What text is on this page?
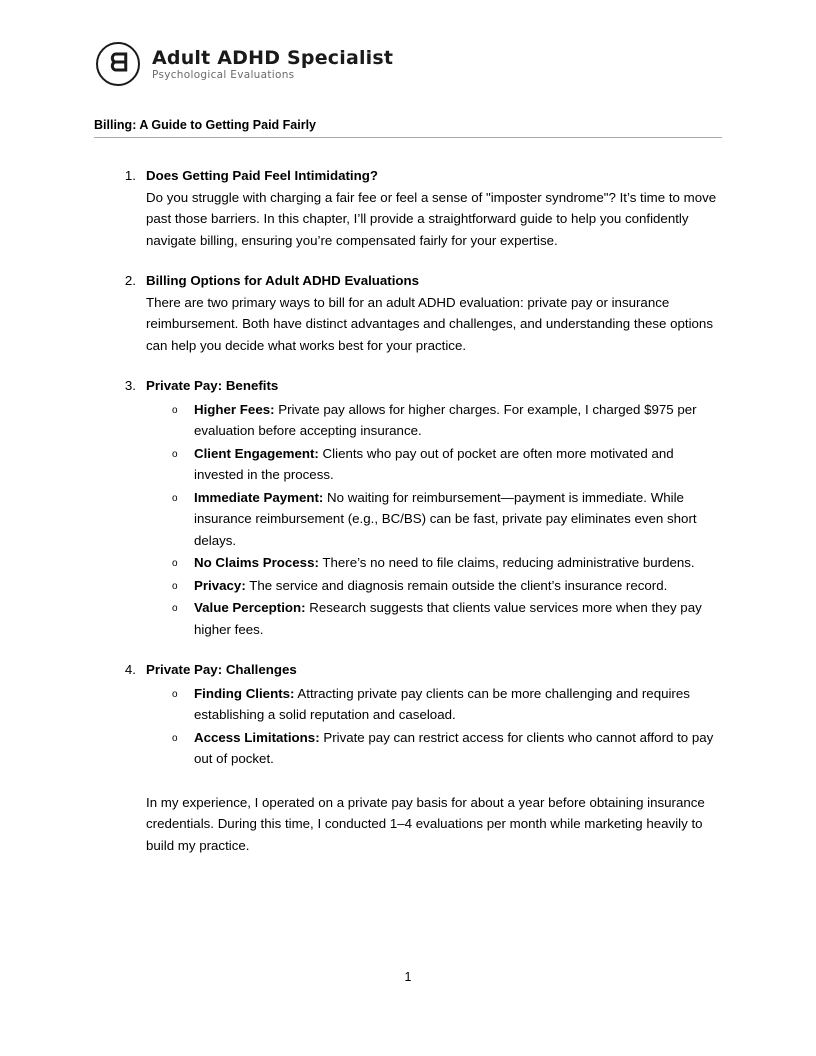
ᗺ	Adult ADHD Specialist
Psychological Evaluations
Billing: A Guide to Getting Paid Fairly
1. Does Getting Paid Feel Intimidating?
Do you struggle with charging a fair fee or feel a sense of "imposter syndrome"? It’s time to move past those barriers. In this chapter, I’ll provide a straightforward guide to help you confidently navigate billing, ensuring you’re compensated fairly for your expertise.
2. Billing Options for Adult ADHD Evaluations
There are two primary ways to bill for an adult ADHD evaluation: private pay or insurance reimbursement. Both have distinct advantages and challenges, and understanding these options can help you decide what works best for your practice.
3. Private Pay: Benefits
o Higher Fees: Private pay allows for higher charges. For example, I charged $975 per evaluation before accepting insurance.
o Client Engagement: Clients who pay out of pocket are often more motivated and invested in the process.
o Immediate Payment: No waiting for reimbursement—payment is immediate. While insurance reimbursement (e.g., BC/BS) can be fast, private pay eliminates even short delays.
o No Claims Process: There’s no need to file claims, reducing administrative burdens.
o Privacy: The service and diagnosis remain outside the client’s insurance record.
o Value Perception: Research suggests that clients value services more when they pay higher fees.
4. Private Pay: Challenges
o Finding Clients: Attracting private pay clients can be more challenging and requires establishing a solid reputation and caseload.
o Access Limitations: Private pay can restrict access for clients who cannot afford to pay out of pocket.
In my experience, I operated on a private pay basis for about a year before obtaining insurance credentials. During this time, I conducted 1–4 evaluations per month while marketing heavily to build my practice.
1
